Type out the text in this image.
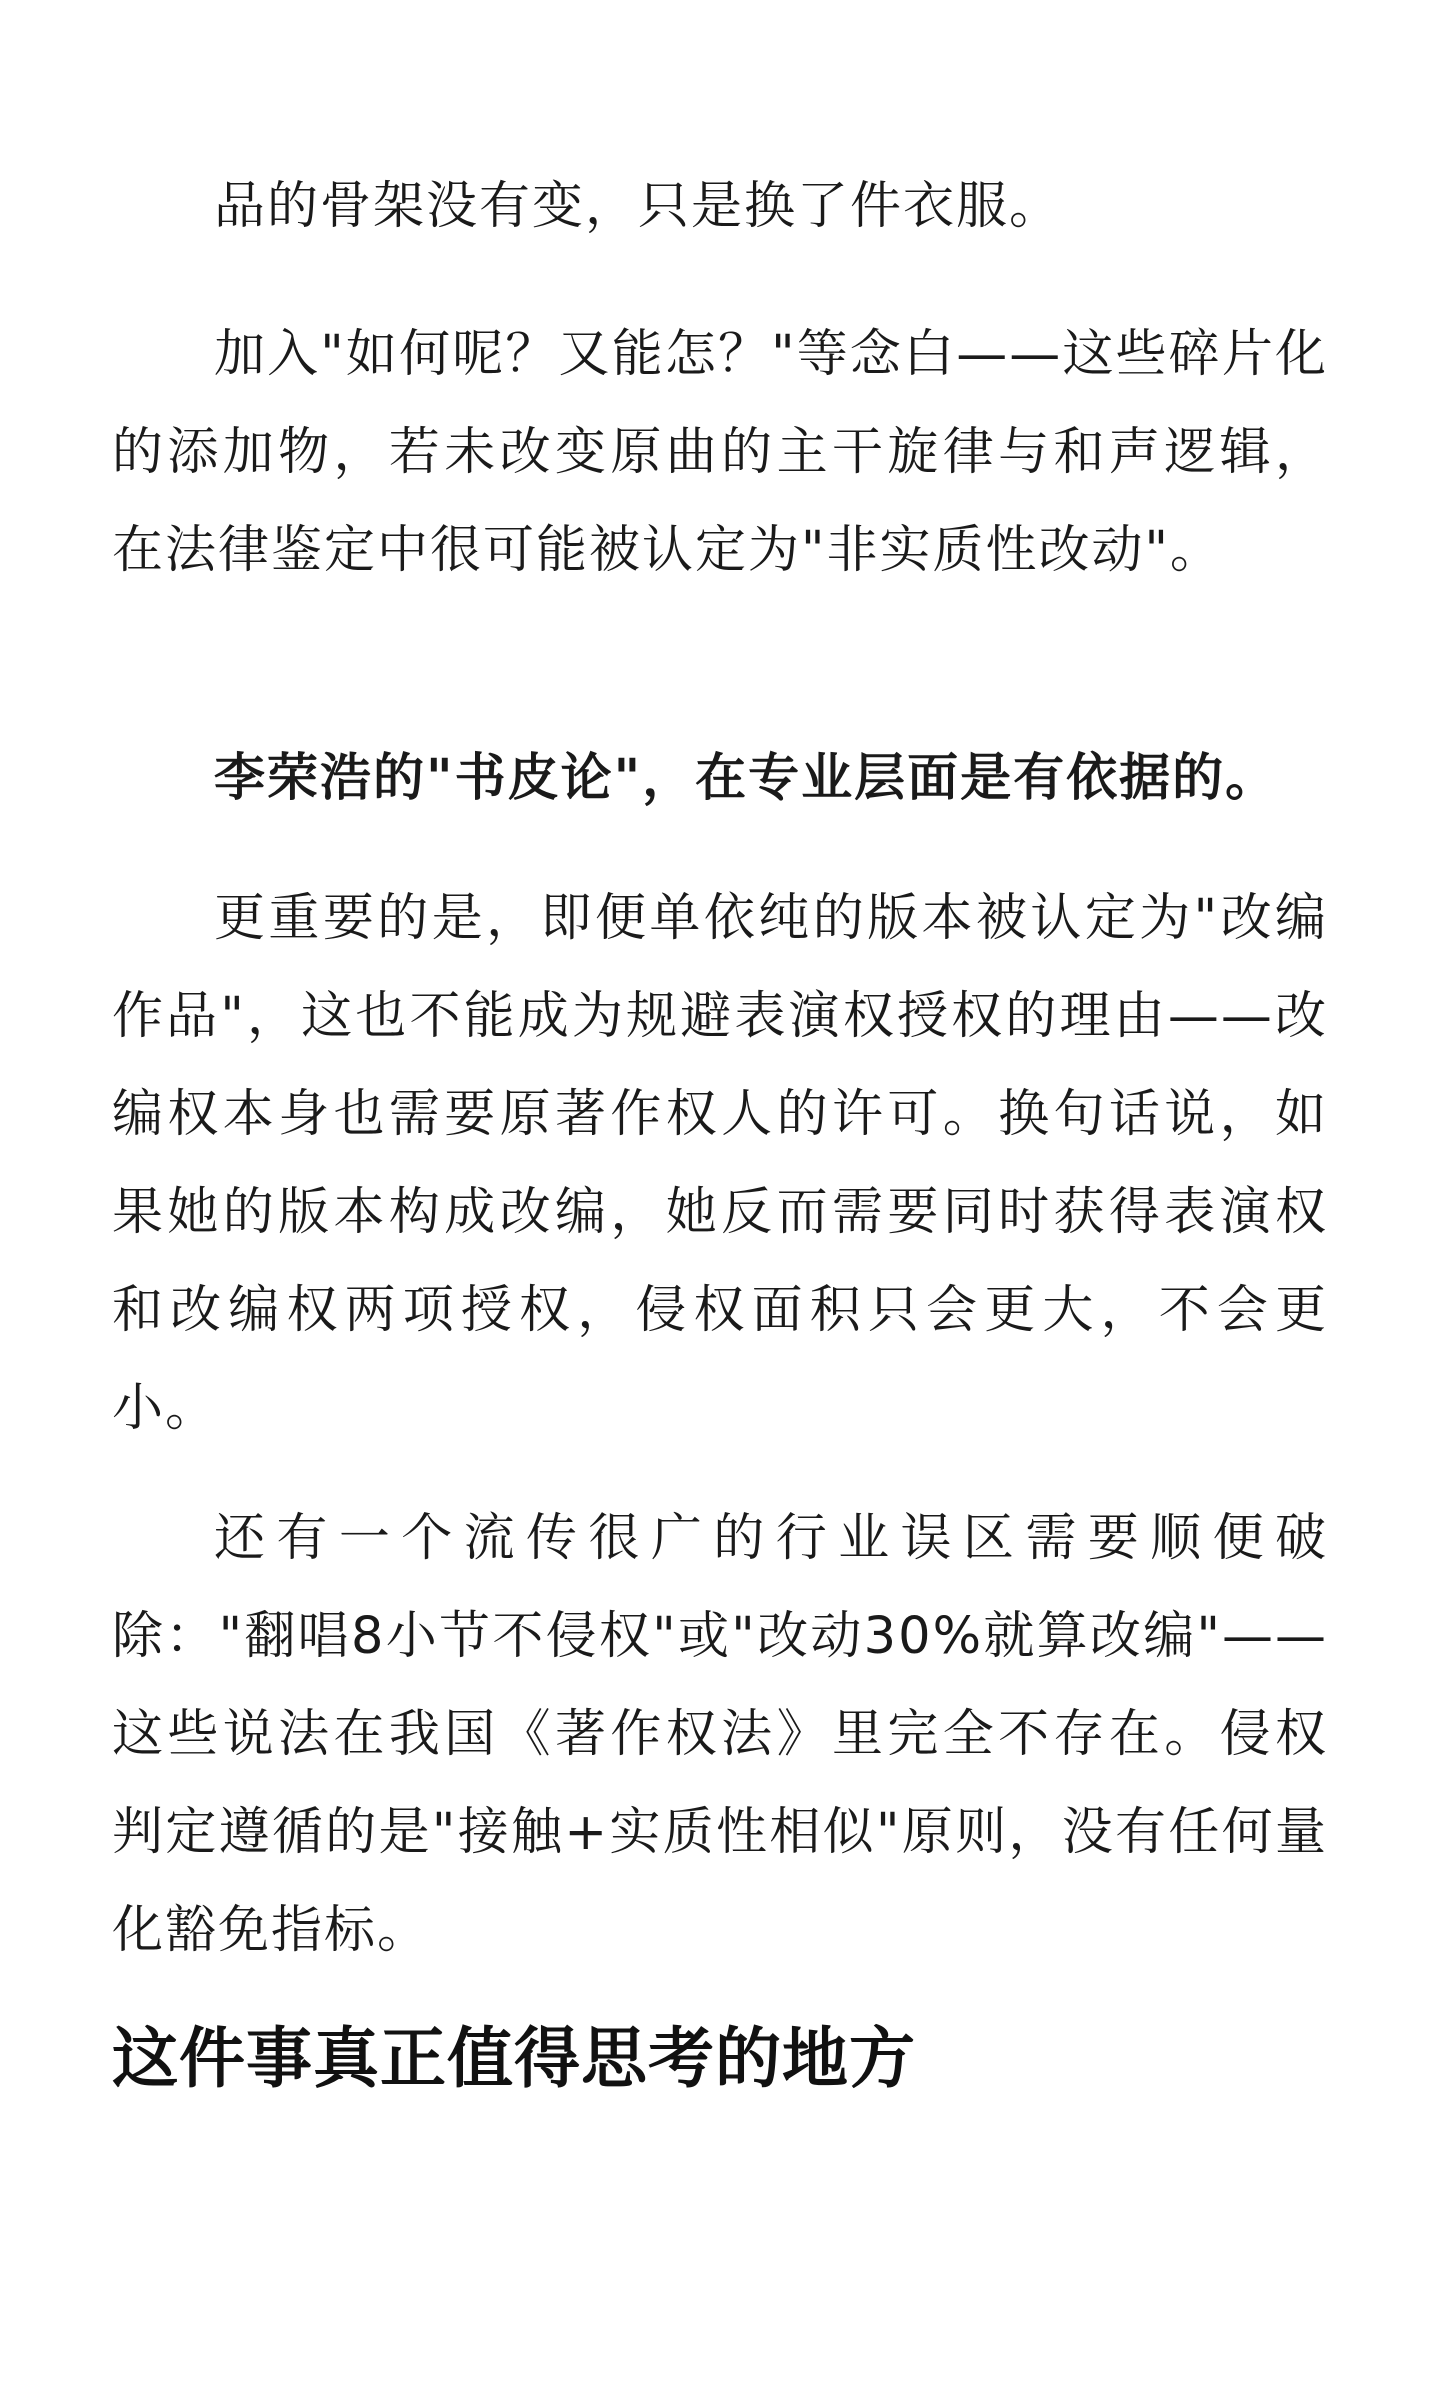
品的骨架没有变，只是换了件衣服。

加入"如何呢？又能怎？"等念白——这些碎片化的添加物，若未改变原曲的主干旋律与和声逻辑，在法律鉴定中很可能被认定为"非实质性改动"。

李荣浩的"书皮论"，在专业层面是有依据的。

更重要的是，即便单依纯的版本被认定为"改编作品"，这也不能成为规避表演权授权的理由——改编权本身也需要原著作权人的许可。换句话说，如果她的版本构成改编，她反而需要同时获得表演权和改编权两项授权，侵权面积只会更大，不会更小。

还有一个流传很广的行业误区需要顺便破除："翻唱8小节不侵权"或"改动30%就算改编"——这些说法在我国《著作权法》里完全不存在。侵权判定遵循的是"接触+实质性相似"原则，没有任何量化豁免指标。

这件事真正值得思考的地方
